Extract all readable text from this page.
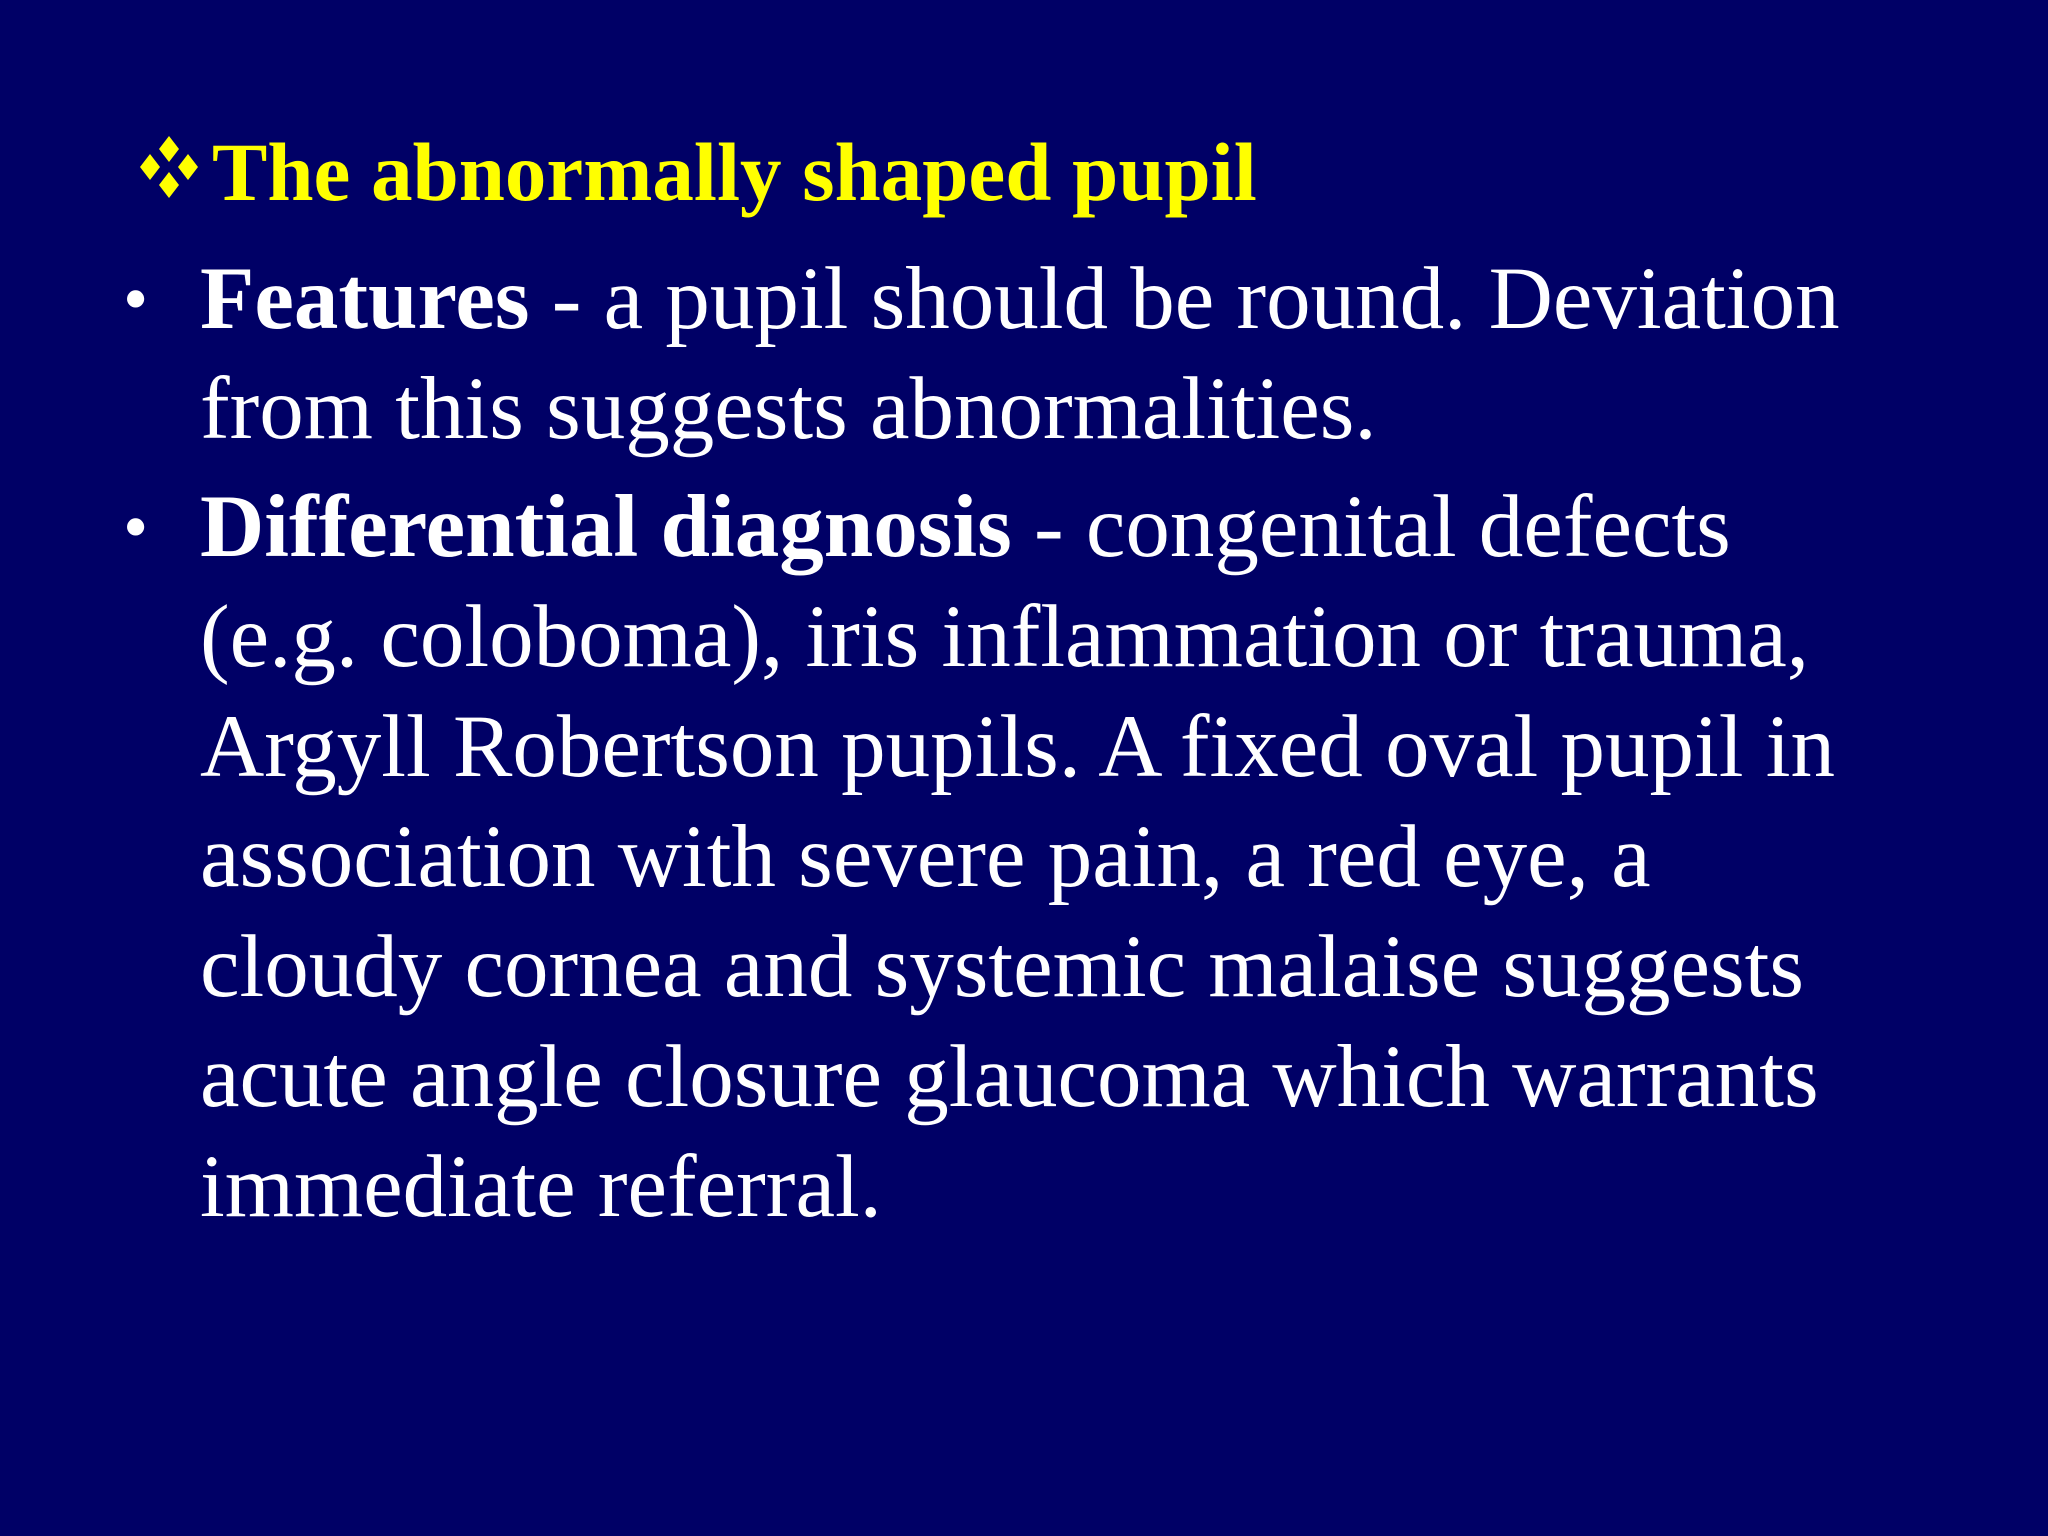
The abnormally shaped pupil
• Features - a pupil should be round. Deviation
from this suggests abnormalities.
• Differential diagnosis - congenital defects
(e.g. coloboma), iris inflammation or trauma,
Argyll Robertson pupils. A fixed oval pupil in
association with severe pain, a red eye, a
cloudy cornea and systemic malaise suggests
acute angle closure glaucoma which warrants
immediate referral.
